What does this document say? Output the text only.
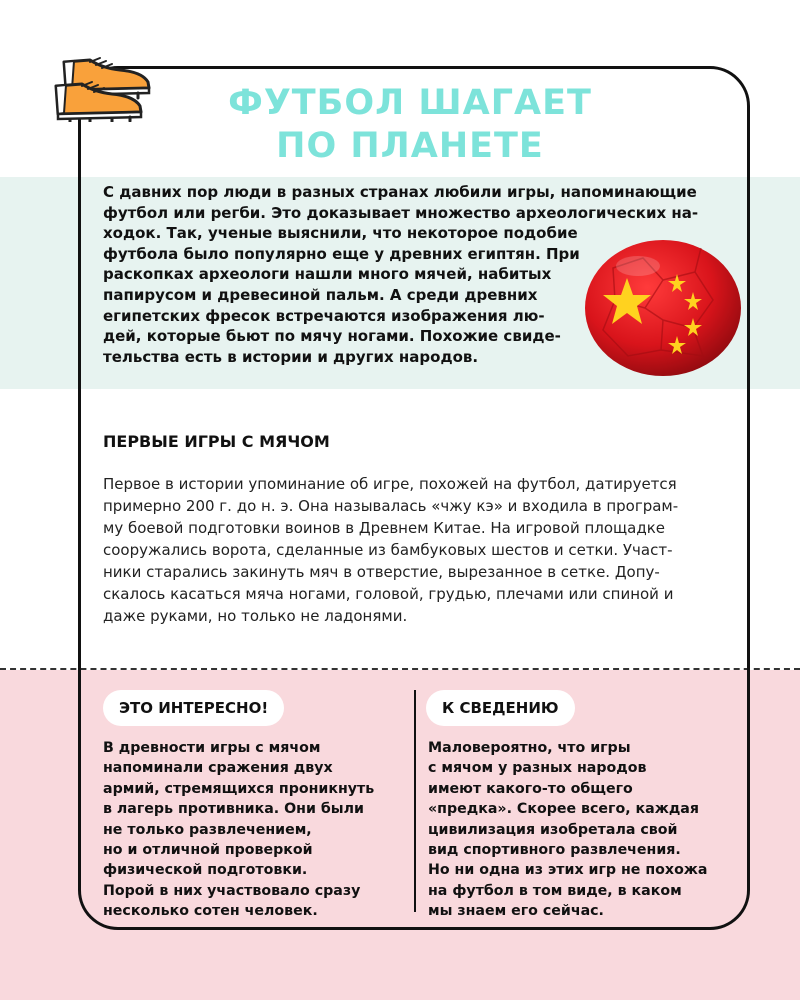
ФУТБОЛ ШАГАЕТ
ПО ПЛАНЕТЕ
С давних пор люди в разных странах любили игры, напоминающие
футбол или регби. Это доказывает множество археологических на-
ходок. Так, ученые выяснили, что некоторое подобие
футбола было популярно еще у древних египтян. При
раскопках археологи нашли много мячей, набитых
папирусом и древесиной пальм. А среди древних
египетских фресок встречаются изображения лю-
дей, которые бьют по мячу ногами. Похожие свиде-
тельства есть в истории и других народов.
ПЕРВЫЕ ИГРЫ С МЯЧОМ
Первое в истории упоминание об игре, похожей на футбол, датируется
примерно 200 г. до н. э. Она называлась «чжу кэ» и входила в програм-
му боевой подготовки воинов в Древнем Китае. На игровой площадке
сооружались ворота, сделанные из бамбуковых шестов и сетки. Участ-
ники старались закинуть мяч в отверстие, вырезанное в сетке. Допу-
скалось касаться мяча ногами, головой, грудью, плечами или спиной и
даже руками, но только не ладонями.
ЭТО ИНТЕРЕСНО!	К СВЕДЕНИЮ
В древности игры с мячом
напоминали сражения двух
армий, стремящихся проникнуть
в лагерь противника. Они были
не только развлечением,
но и отличной проверкой
физической подготовки.
Порой в них участвовало сразу
несколько сотен человек.
Маловероятно, что игры
с мячом у разных народов
имеют какого-то общего
«предка». Скорее всего, каждая
цивилизация изобретала свой
вид спортивного развлечения.
Но ни одна из этих игр не похожа
на футбол в том виде, в каком
мы знаем его сейчас.
